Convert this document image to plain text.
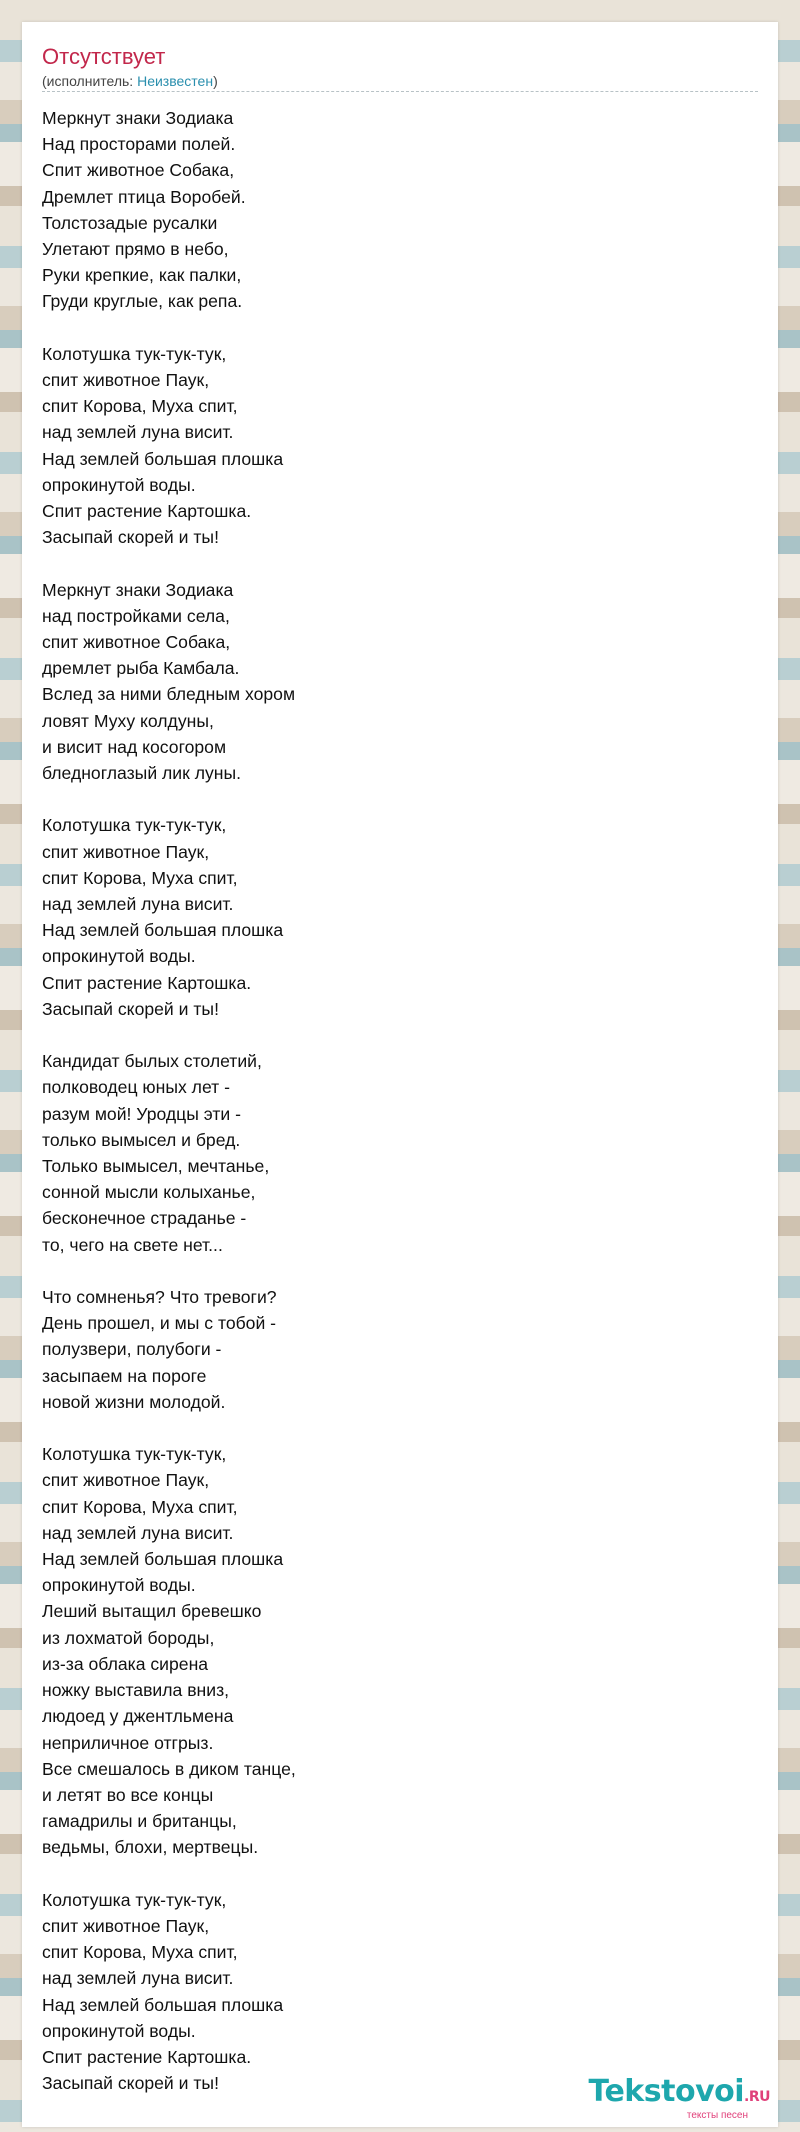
Отсутствует
(исполнитель: Неизвестен)
Меркнут знаки Зодиака
Над просторами полей.
Спит животное Собака,
Дремлет птица Воробей.
Толстозадые русалки
Улетают прямо в небо,
Руки крепкие, как палки,
Груди круглые, как репа.
Колотушка тук-тук-тук,
спит животное Паук,
спит Корова, Муха спит,
над землей луна висит.
Над землей большая плошка
опрокинутой воды.
Спит растение Картошка.
Засыпай скорей и ты!
Меркнут знаки Зодиака
над постройками села,
спит животное Собака,
дремлет рыба Камбала.
Вслед за ними бледным хором
ловят Муху колдуны,
и висит над косогором
бледноглазый лик луны.
Колотушка тук-тук-тук,
спит животное Паук,
спит Корова, Муха спит,
над землей луна висит.
Над землей большая плошка
опрокинутой воды.
Спит растение Картошка.
Засыпай скорей и ты!
Кандидат былых столетий,
полководец юных лет -
разум мой! Уродцы эти -
только вымысел и бред.
Только вымысел, мечтанье,
сонной мысли колыханье,
бесконечное страданье -
то, чего на свете нет...
Что сомненья? Что тревоги?
День прошел, и мы с тобой -
полузвери, полубоги -
засыпаем на пороге
новой жизни молодой.
Колотушка тук-тук-тук,
спит животное Паук,
спит Корова, Муха спит,
над землей луна висит.
Над землей большая плошка
опрокинутой воды.
Леший вытащил бревешко
из лохматой бороды,
из-за облака сирена
ножку выставила вниз,
людоед у джентльмена
неприличное отгрыз.
Все смешалось в диком танце,
и летят во все концы
гамадрилы и британцы,
ведьмы, блохи, мертвецы.
Колотушка тук-тук-тук,
спит животное Паук,
спит Корова, Муха спит,
над землей луна висит.
Над землей большая плошка
опрокинутой воды.
Спит растение Картошка.
Засыпай скорей и ты!	Tekstovoi.RU
тексты песен
